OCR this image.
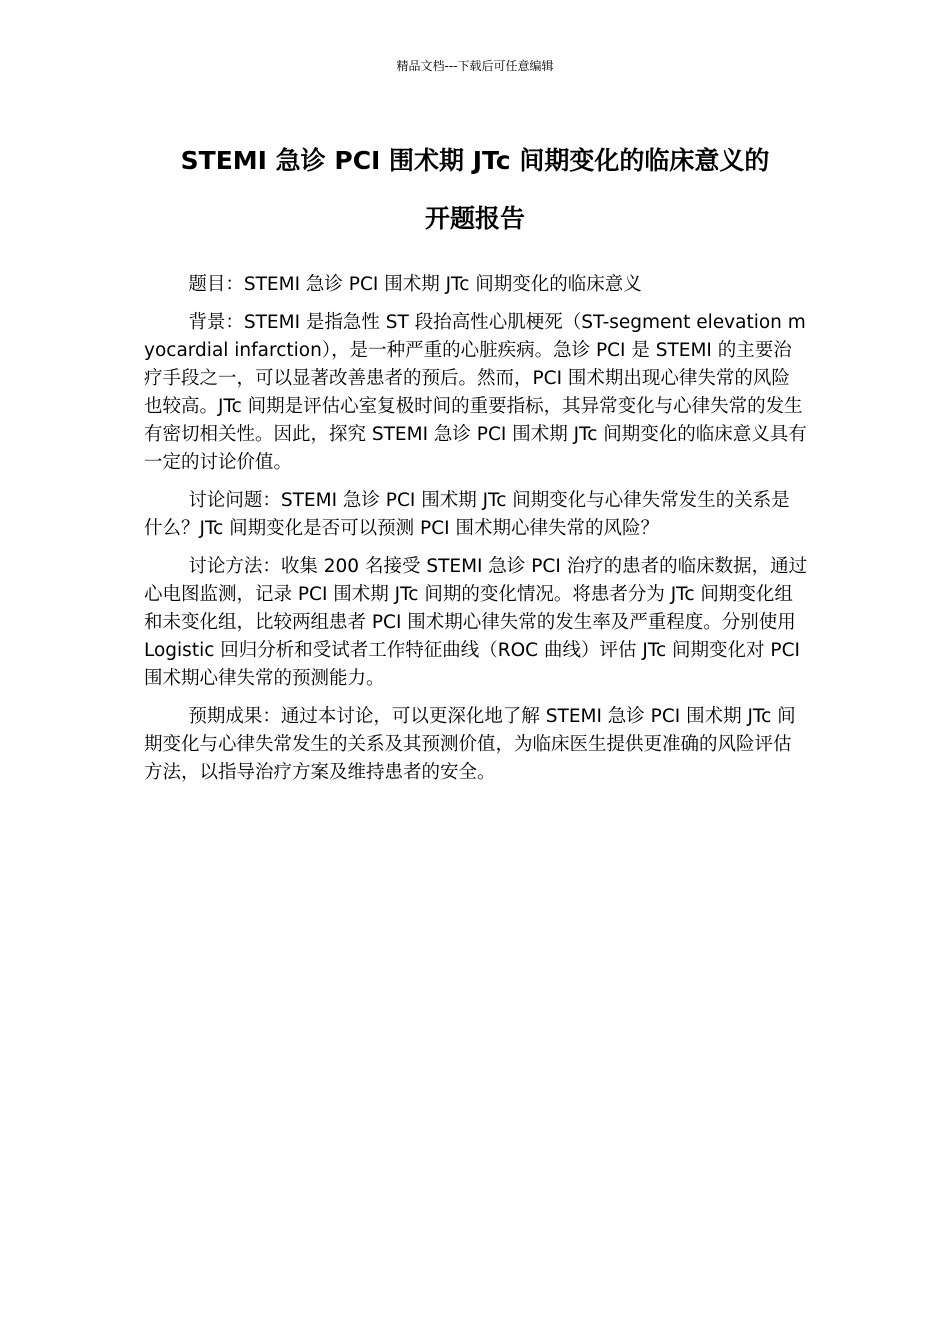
精品文档---下载后可任意编辑
STEMI 急诊 PCI 围术期 JTc 间期变化的临床意义的
开题报告

题目：STEMI 急诊 PCI 围术期 JTc 间期变化的临床意义

背景：STEMI 是指急性 ST 段抬高性心肌梗死（ST-segment elevation myocardial infarction），是一种严重的心脏疾病。急诊 PCI 是 STEMI 的主要治疗手段之一，可以显著改善患者的预后。然而，PCI 围术期出现心律失常的风险也较高。JTc 间期是评估心室复极时间的重要指标，其异常变化与心律失常的发生有密切相关性。因此，探究 STEMI 急诊 PCI 围术期 JTc 间期变化的临床意义具有一定的讨论价值。

讨论问题：STEMI 急诊 PCI 围术期 JTc 间期变化与心律失常发生的关系是什么？JTc 间期变化是否可以预测 PCI 围术期心律失常的风险？

讨论方法：收集 200 名接受 STEMI 急诊 PCI 治疗的患者的临床数据，通过心电图监测，记录 PCI 围术期 JTc 间期的变化情况。将患者分为 JTc 间期变化组和未变化组，比较两组患者 PCI 围术期心律失常的发生率及严重程度。分别使用 Logistic 回归分析和受试者工作特征曲线（ROC 曲线）评估 JTc 间期变化对 PCI 围术期心律失常的预测能力。

预期成果：通过本讨论，可以更深化地了解 STEMI 急诊 PCI 围术期 JTc 间期变化与心律失常发生的关系及其预测价值，为临床医生提供更准确的风险评估方法，以指导治疗方案及维持患者的安全。
